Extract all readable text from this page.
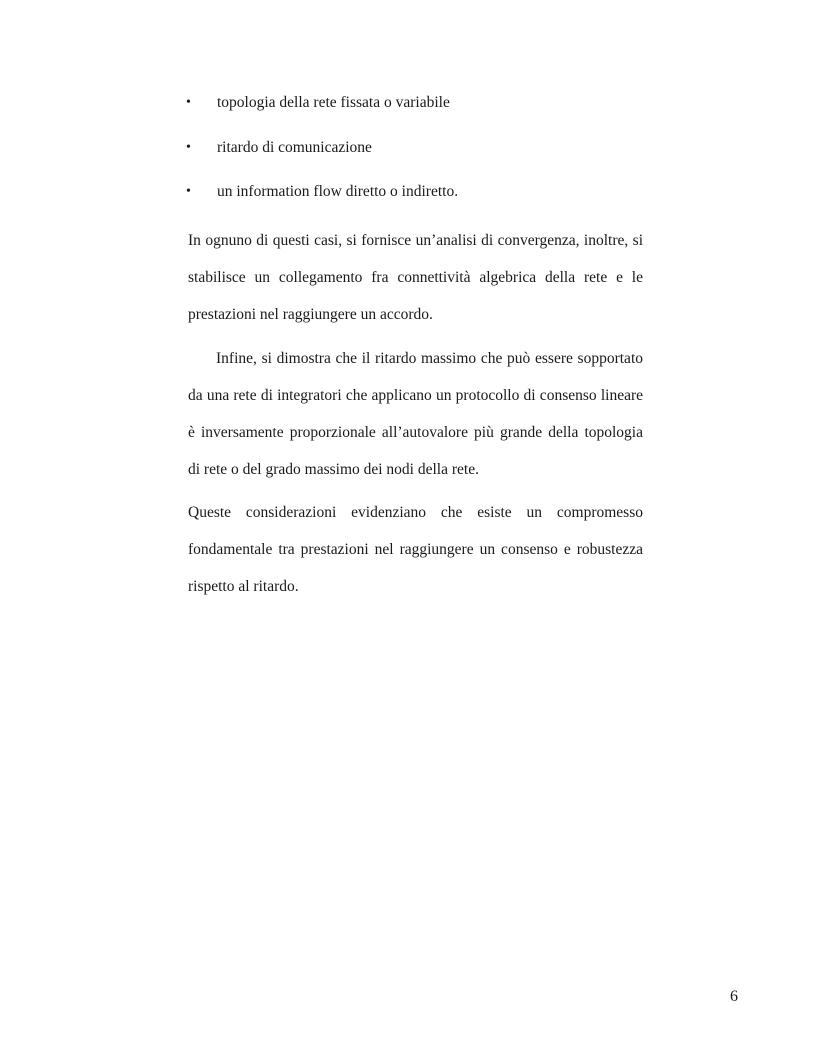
• topologia della rete fissata o variabile
• ritardo di comunicazione
• un information flow diretto o indiretto.

In ognuno di questi casi, si fornisce un’analisi di convergenza, inoltre, si stabilisce un collegamento fra connettività algebrica della rete e le prestazioni nel raggiungere un accordo.

Infine, si dimostra che il ritardo massimo che può essere sopportato da una rete di integratori che applicano un protocollo di consenso lineare è inversamente proporzionale all’autovalore più grande della topologia di rete o del grado massimo dei nodi della rete.

Queste considerazioni evidenziano che esiste un compromesso fondamentale tra prestazioni nel raggiungere un consenso e robustezza rispetto al ritardo.

6
